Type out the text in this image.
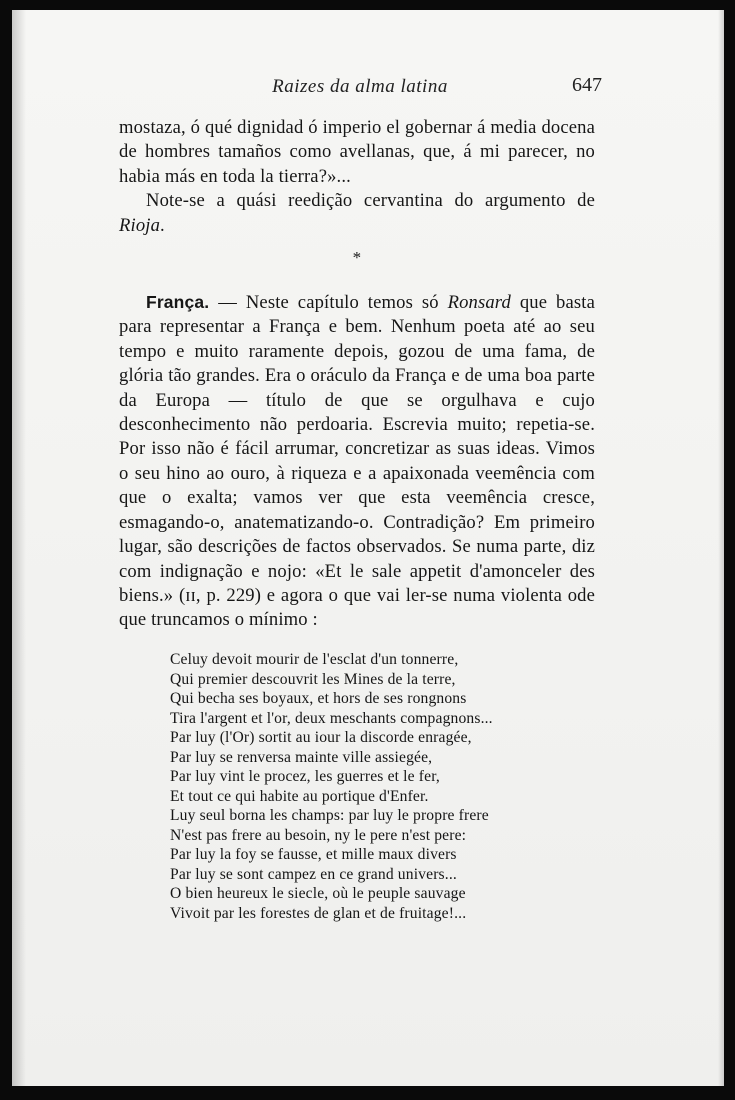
Raizes da alma latina	647

mostaza, ó qué dignidad ó imperio el gobernar á media docena de hombres tamaños como avellanas, que, á mi parecer, no habia más en toda la tierra?»...

Note-se a quási reedição cervantina do argumento de Rioja.

*

França. — Neste capítulo temos só Ronsard que basta para representar a França e bem. Nenhum poeta até ao seu tempo e muito raramente depois, gozou de uma fama, de glória tão grandes. Era o oráculo da França e de uma boa parte da Europa — título de que se orgulhava e cujo desconhecimento não perdoaria. Escrevia muito; repetia-se. Por isso não é fácil arrumar, concretizar as suas ideas. Vimos o seu hino ao ouro, à riqueza e a apaixonada veemência com que o exalta; vamos ver que esta veemência cresce, esmagando-o, anatematizando-o. Contradição? Em primeiro lugar, são descrições de factos observados. Se numa parte, diz com indignação e nojo: «Et le sale appetit d'amonceler des biens.» (ɪɪ, p. 229) e agora o que vai ler-se numa violenta ode que truncamos o mínimo :

Celuy devoit mourir de l'esclat d'un tonnerre,
Qui premier descouvrit les Mines de la terre,
Qui becha ses boyaux, et hors de ses rongnons
Tira l'argent et l'or, deux meschants compagnons...
Par luy (l'Or) sortit au iour la discorde enragée,
Par luy se renversa mainte ville assiegée,
Par luy vint le procez, les guerres et le fer,
Et tout ce qui habite au portique d'Enfer.
Luy seul borna les champs: par luy le propre frere
N'est pas frere au besoin, ny le pere n'est pere:
Par luy la foy se fausse, et mille maux divers
Par luy se sont campez en ce grand univers...
O bien heureux le siecle, où le peuple sauvage
Vivoit par les forestes de glan et de fruitage!...
